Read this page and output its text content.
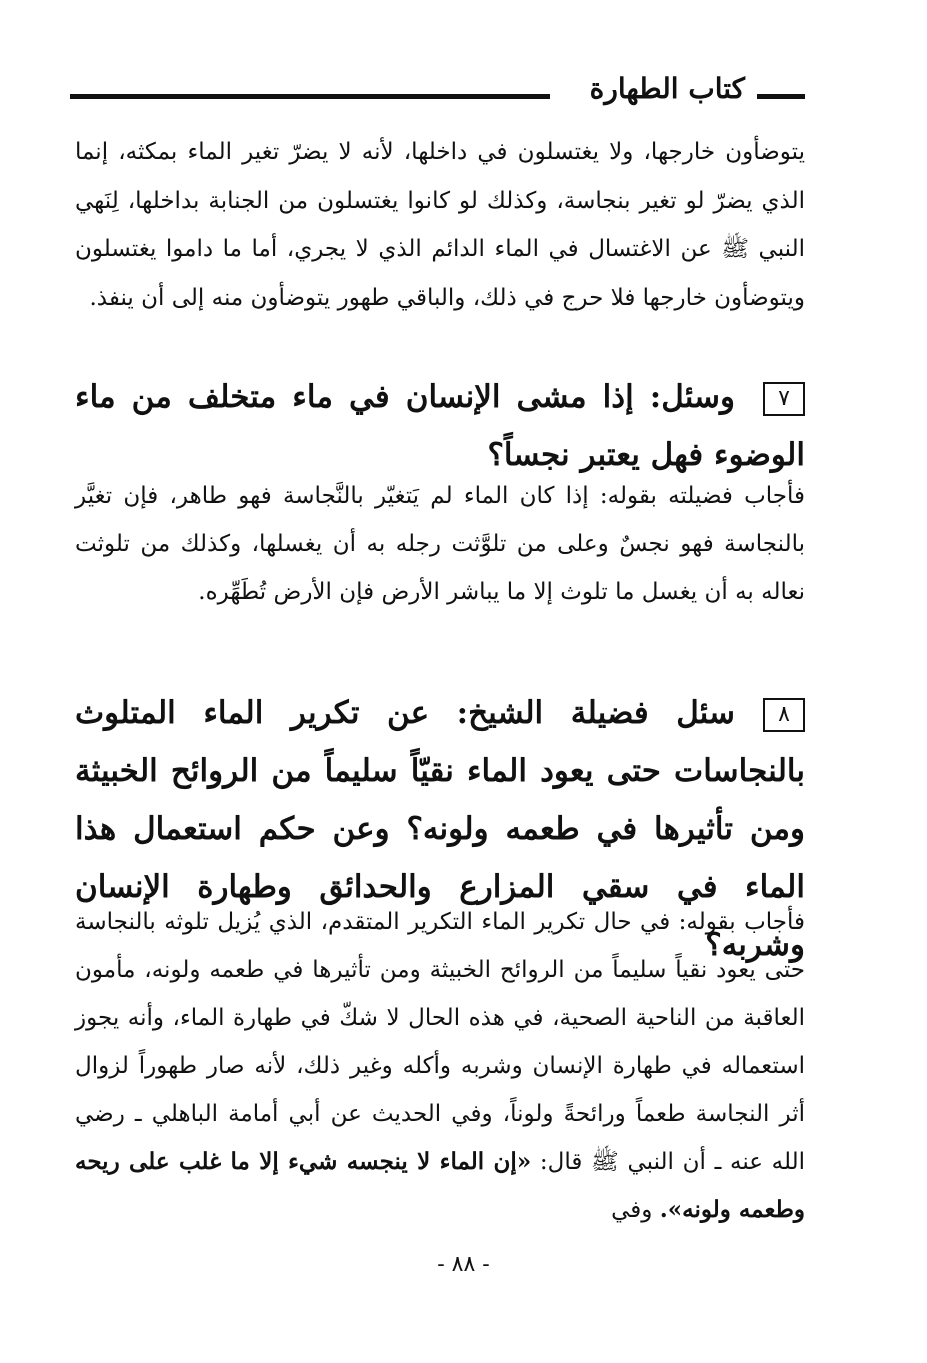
كتاب الطهارة
يتوضأون خارجها، ولا يغتسلون في داخلها، لأنه لا يضرّ تغير الماء بمكثه، إنما الذي يضرّ لو تغير بنجاسة، وكذلك لو كانوا يغتسلون من الجنابة بداخلها، لِنَهي النبي ﷺ عن الاغتسال في الماء الدائم الذي لا يجري، أما ما داموا يغتسلون ويتوضأون خارجها فلا حرج في ذلك، والباقي طهور يتوضأون منه إلى أن ينفذ.
٧وسئل: إذا مشى الإنسان في ماء متخلف من ماء الوضوء فهل يعتبر نجساً؟
فأجاب فضيلته بقوله: إذا كان الماء لم يَتغيّر بالنَّجاسة فهو طاهر، فإن تغيَّر بالنجاسة فهو نجسٌ وعلى من تلوَّثت رجله به أن يغسلها، وكذلك من تلوثت نعاله به أن يغسل ما تلوث إلا ما يباشر الأرض فإن الأرض تُطَهِّره.
٨سئل فضيلة الشيخ: عن تكرير الماء المتلوث بالنجاسات حتى يعود الماء نقيّاً سليماً من الروائح الخبيثة ومن تأثيرها في طعمه ولونه؟ وعن حكم استعمال هذا الماء في سقي المزارع والحدائق وطهارة الإنسان وشربه؟
فأجاب بقوله: في حال تكرير الماء التكرير المتقدم، الذي يُزيل تلوثه بالنجاسة حتى يعود نقياً سليماً من الروائح الخبيثة ومن تأثيرها في طعمه ولونه، مأمون العاقبة من الناحية الصحية، في هذه الحال لا شكّ في طهارة الماء، وأنه يجوز استعماله في طهارة الإنسان وشربه وأكله وغير ذلك، لأنه صار طهوراً لزوال أثر النجاسة طعماً ورائحةً ولوناً، وفي الحديث عن أبي أمامة الباهلي ـ رضي الله عنه ـ أن النبي ﷺ قال: «إن الماء لا ينجسه شيء إلا ما غلب على ريحه وطعمه ولونه». وفي
- ٨٨ -
